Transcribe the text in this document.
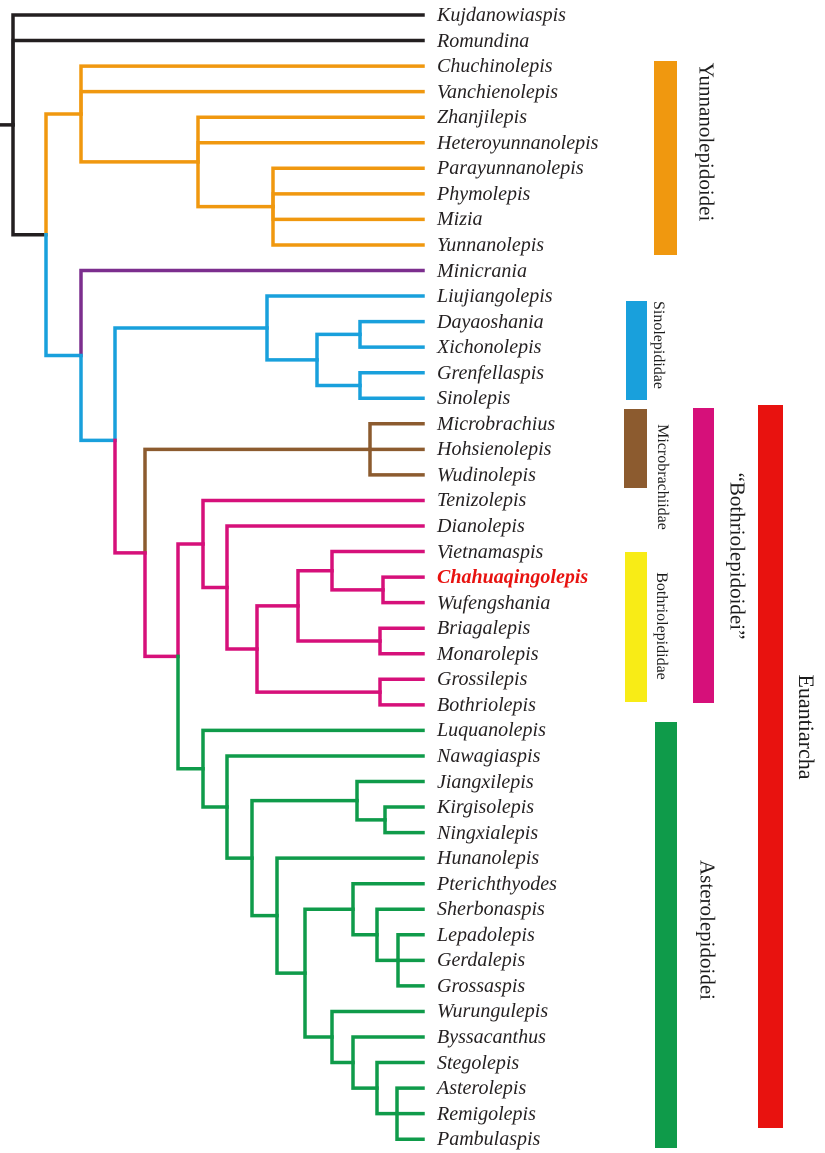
Kujdanowiaspis
Romundina
Chuchinolepis
Vanchienolepis
Zhanjilepis
Heteroyunnanolepis
Parayunnanolepis
Phymolepis
Mizia
Yunnanolepis
Minicrania
Liujiangolepis
Dayaoshania
Xichonolepis
Grenfellaspis
Sinolepis
Microbrachius
Hohsienolepis
Wudinolepis
Tenizolepis
Dianolepis
Vietnamaspis
Chahuaqingolepis
Wufengshania
Briagalepis
Monarolepis
Grossilepis
Bothriolepis
Luquanolepis
Nawagiaspis
Jiangxilepis
Kirgisolepis
Ningxialepis
Hunanolepis
Pterichthyodes
Sherbonaspis
Lepadolepis
Gerdalepis
Grossaspis
Wurungulepis
Byssacanthus
Stegolepis
Asterolepis
Remigolepis
Pambulaspis
Yunnanolepidoidei
Sinolepididae
Microbrachiidae
Bothriolepididae	“Bothriolepidoidei”
Asterolepidoidei
Euantiarcha
